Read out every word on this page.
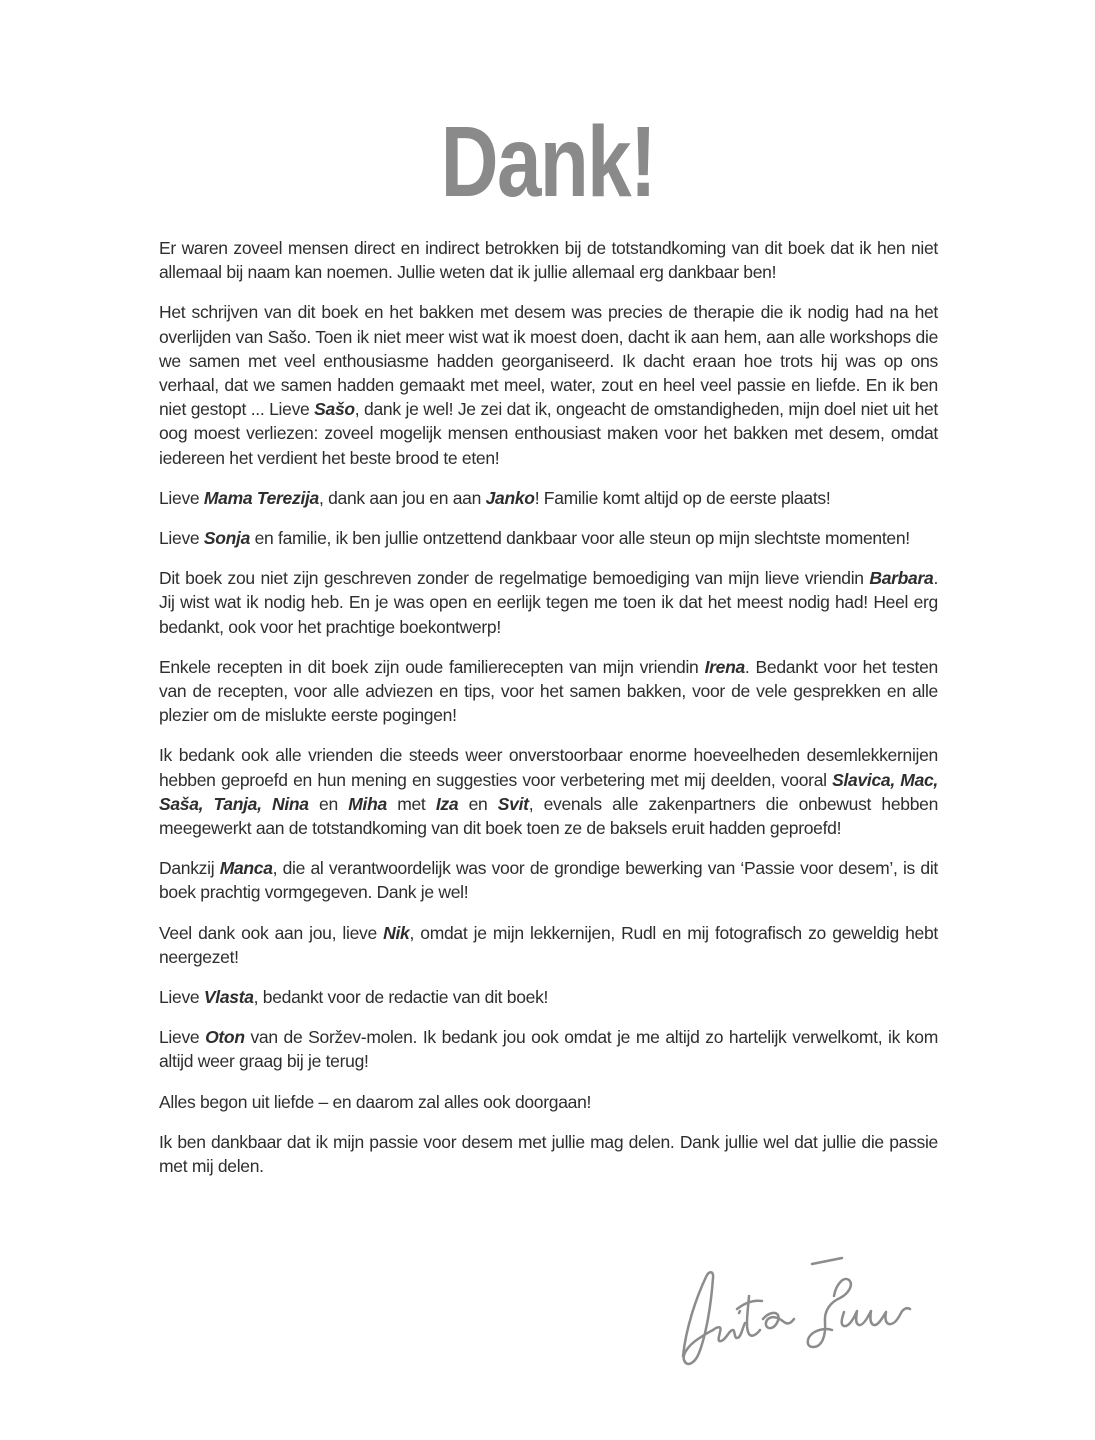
Dank!

Er waren zoveel mensen direct en indirect betrokken bij de totstandkoming van dit boek dat ik hen niet allemaal bij naam kan noemen. Jullie weten dat ik jullie allemaal erg dankbaar ben!

Het schrijven van dit boek en het bakken met desem was precies de therapie die ik nodig had na het overlijden van Sašo. Toen ik niet meer wist wat ik moest doen, dacht ik aan hem, aan alle workshops die we samen met veel enthousiasme hadden georganiseerd. Ik dacht eraan hoe trots hij was op ons verhaal, dat we samen hadden gemaakt met meel, water, zout en heel veel passie en liefde. En ik ben niet gestopt ... Lieve Sašo, dank je wel! Je zei dat ik, ongeacht de omstandigheden, mijn doel niet uit het oog moest verliezen: zoveel mogelijk mensen enthousiast maken voor het bakken met desem, omdat iedereen het verdient het beste brood te eten!

Lieve Mama Terezija, dank aan jou en aan Janko! Familie komt altijd op de eerste plaats!

Lieve Sonja en familie, ik ben jullie ontzettend dankbaar voor alle steun op mijn slechtste momenten!

Dit boek zou niet zijn geschreven zonder de regelmatige bemoediging van mijn lieve vriendin Barbara. Jij wist wat ik nodig heb. En je was open en eerlijk tegen me toen ik dat het meest nodig had! Heel erg bedankt, ook voor het prachtige boekontwerp!

Enkele recepten in dit boek zijn oude familierecepten van mijn vriendin Irena. Bedankt voor het testen van de recepten, voor alle adviezen en tips, voor het samen bakken, voor de vele gesprekken en alle plezier om de mislukte eerste pogingen!

Ik bedank ook alle vrienden die steeds weer onverstoorbaar enorme hoeveelheden desemlekkernijen hebben geproefd en hun mening en suggesties voor verbetering met mij deelden, vooral Slavica, Mac, Saša, Tanja, Nina en Miha met Iza en Svit, evenals alle zakenpartners die onbewust hebben meegewerkt aan de totstandkoming van dit boek toen ze de baksels eruit hadden geproefd!

Dankzij Manca, die al verantwoordelijk was voor de grondige bewerking van ‘Passie voor desem’, is dit boek prachtig vormgegeven. Dank je wel!

Veel dank ook aan jou, lieve Nik, omdat je mijn lekkernijen, Rudl en mij fotografisch zo geweldig hebt neergezet!

Lieve Vlasta, bedankt voor de redactie van dit boek!

Lieve Oton van de Soržev-molen. Ik bedank jou ook omdat je me altijd zo hartelijk verwelkomt, ik kom altijd weer graag bij je terug!

Alles begon uit liefde – en daarom zal alles ook doorgaan!

Ik ben dankbaar dat ik mijn passie voor desem met jullie mag delen. Dank jullie wel dat jullie die passie met mij delen.
